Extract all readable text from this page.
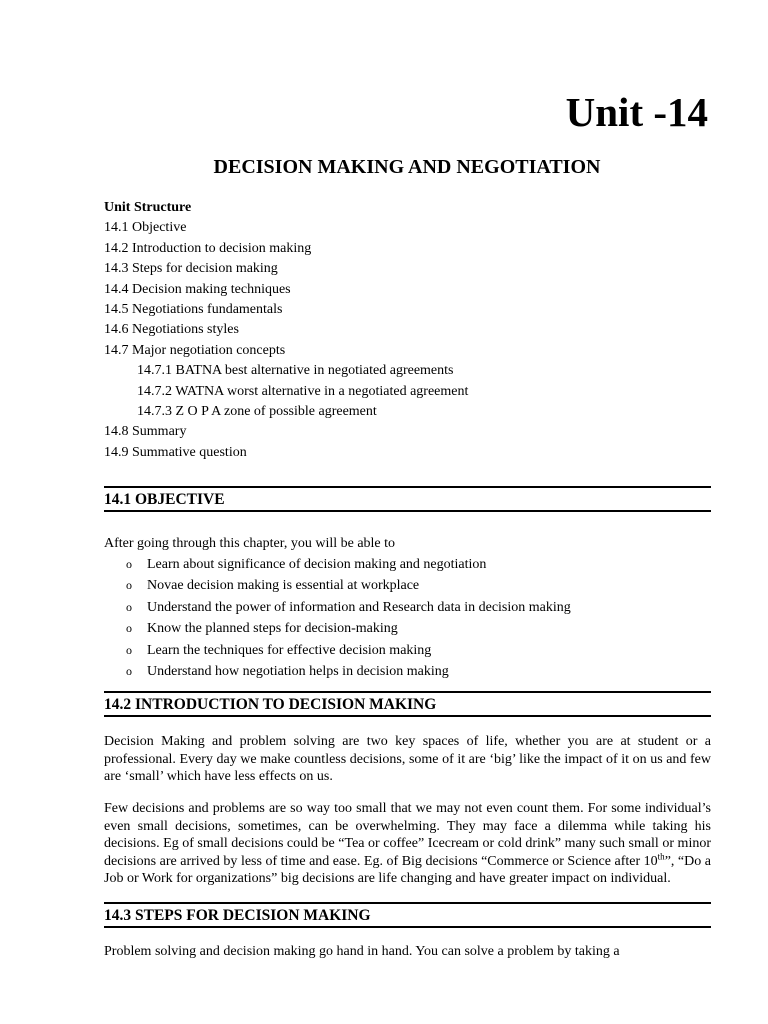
Unit -14
DECISION MAKING AND NEGOTIATION
Unit Structure
14.1 Objective
14.2 Introduction to decision making
14.3 Steps for decision making
14.4 Decision making techniques
14.5 Negotiations fundamentals
14.6 Negotiations styles
14.7 Major negotiation concepts
14.7.1 BATNA best alternative in negotiated agreements
14.7.2 WATNA worst alternative in a negotiated agreement
14.7.3 Z O P A zone of possible agreement
14.8 Summary
14.9 Summative question
14.1 OBJECTIVE
After going through this chapter, you will be able to
o Learn about significance of decision making and negotiation
o Novae decision making is essential at workplace
o Understand the power of information and Research data in decision making
o Know the planned steps for decision-making
o Learn the techniques for effective decision making
o Understand how negotiation helps in decision making
14.2 INTRODUCTION TO DECISION MAKING
Decision Making and problem solving are two key spaces of life, whether you are at student or a professional. Every day we make countless decisions, some of it are ‘big’ like the impact of it on us and few are ‘small’ which have less effects on us.
Few decisions and problems are so way too small that we may not even count them. For some individual’s even small decisions, sometimes, can be overwhelming. They may face a dilemma while taking his decisions. Eg of small decisions could be “Tea or coffee” Icecream or cold drink” many such small or minor decisions are arrived by less of time and ease. Eg. of Big decisions “Commerce or Science after 10th”, “Do a Job or Work for organizations” big decisions are life changing and have greater impact on individual.
14.3 STEPS FOR DECISION MAKING
Problem solving and decision making go hand in hand. You can solve a problem by taking a
